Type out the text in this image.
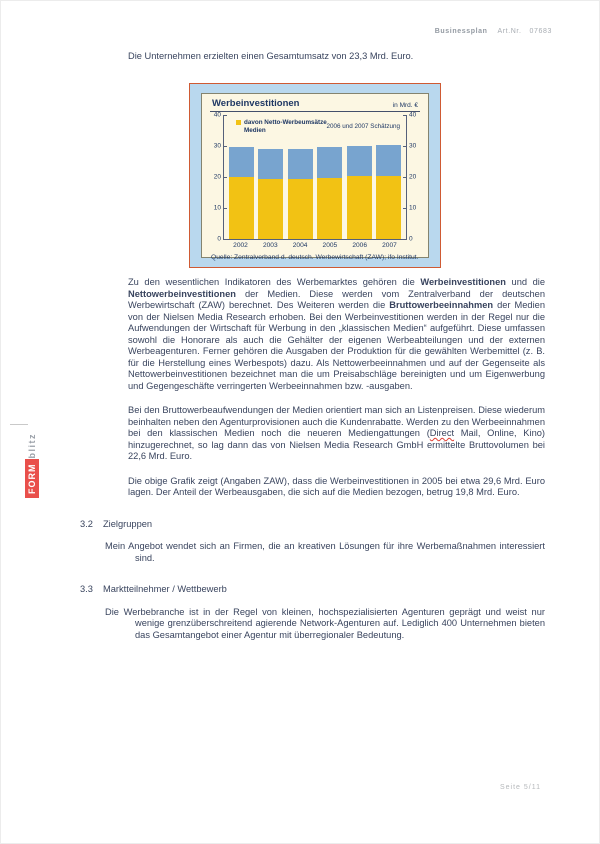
Businessplan Art.Nr. 07683
Die Unternehmen erzielten einen Gesamtumsatz von 23,3 Mrd. Euro.
Werbeinvestitionen	in Mrd. €
davon Netto-Werbeumsätze Medien	2006 und 2007 Schätzung
0	0
10	10
20	20
30	30
40	40
2002	2003	2004	2005	2006	2007
Quelle: Zentralverband d. deutsch. Werbewirtschaft (ZAW); ifo Institut.

Zu den wesentlichen Indikatoren des Werbemarktes gehören die Werbeinvestitionen und die Nettowerbeinvestitionen der Medien. Diese werden vom Zentralverband der deutschen Werbewirtschaft (ZAW) berechnet. Des Weiteren werden die Bruttowerbeeinnahmen der Medien von der Nielsen Media Research erhoben. Bei den Werbeinvestitionen werden in der Regel nur die Aufwendungen der Wirtschaft für Werbung in den „klassischen Medien“ aufgeführt. Diese umfassen sowohl die Honorare als auch die Gehälter der eigenen Werbeabteilungen und der externen Werbeagenturen. Ferner gehören die Ausgaben der Produktion für die gewählten Werbemittel (z. B. für die Herstellung eines Werbespots) dazu. Als Nettowerbeeinnahmen und auf der Gegenseite als Nettowerbeinvestitionen bezeichnet man die um Preisabschläge bereinigten und um Eigenwerbung und Gegengeschäfte verringerten Werbeeinnahmen bzw. -ausgaben.

Bei den Bruttowerbeaufwendungen der Medien orientiert man sich an Listenpreisen. Diese wiederum beinhalten neben den Agenturprovisionen auch die Kundenrabatte. Werden zu den Werbeeinnahmen bei den klassischen Medien noch die neueren Mediengattungen (Direct Mail, Online, Kino) hinzugerechnet, so lag dann das von Nielsen Media Research GmbH ermittelte Bruttovolumen bei 22,6 Mrd. Euro.

Die obige Grafik zeigt (Angaben ZAW), dass die Werbeinvestitionen in 2005 bei etwa 29,6 Mrd. Euro lagen. Der Anteil der Werbeausgaben, die sich auf die Medien bezogen, betrug 19,8 Mrd. Euro.

3.2	Zielgruppen

Mein Angebot wendet sich an Firmen, die an kreativen Lösungen für ihre Werbemaßnahmen interessiert sind.

3.3	Marktteilnehmer / Wettbewerb

Die Werbebranche ist in der Regel von kleinen, hochspezialisierten Agenturen geprägt und weist nur wenige grenzüberschreitend agierende Network-Agenturen auf. Lediglich 400 Unternehmen bieten das Gesamtangebot einer Agentur mit überregionaler Bedeutung.

FORM
blitz
Seite 5/11
